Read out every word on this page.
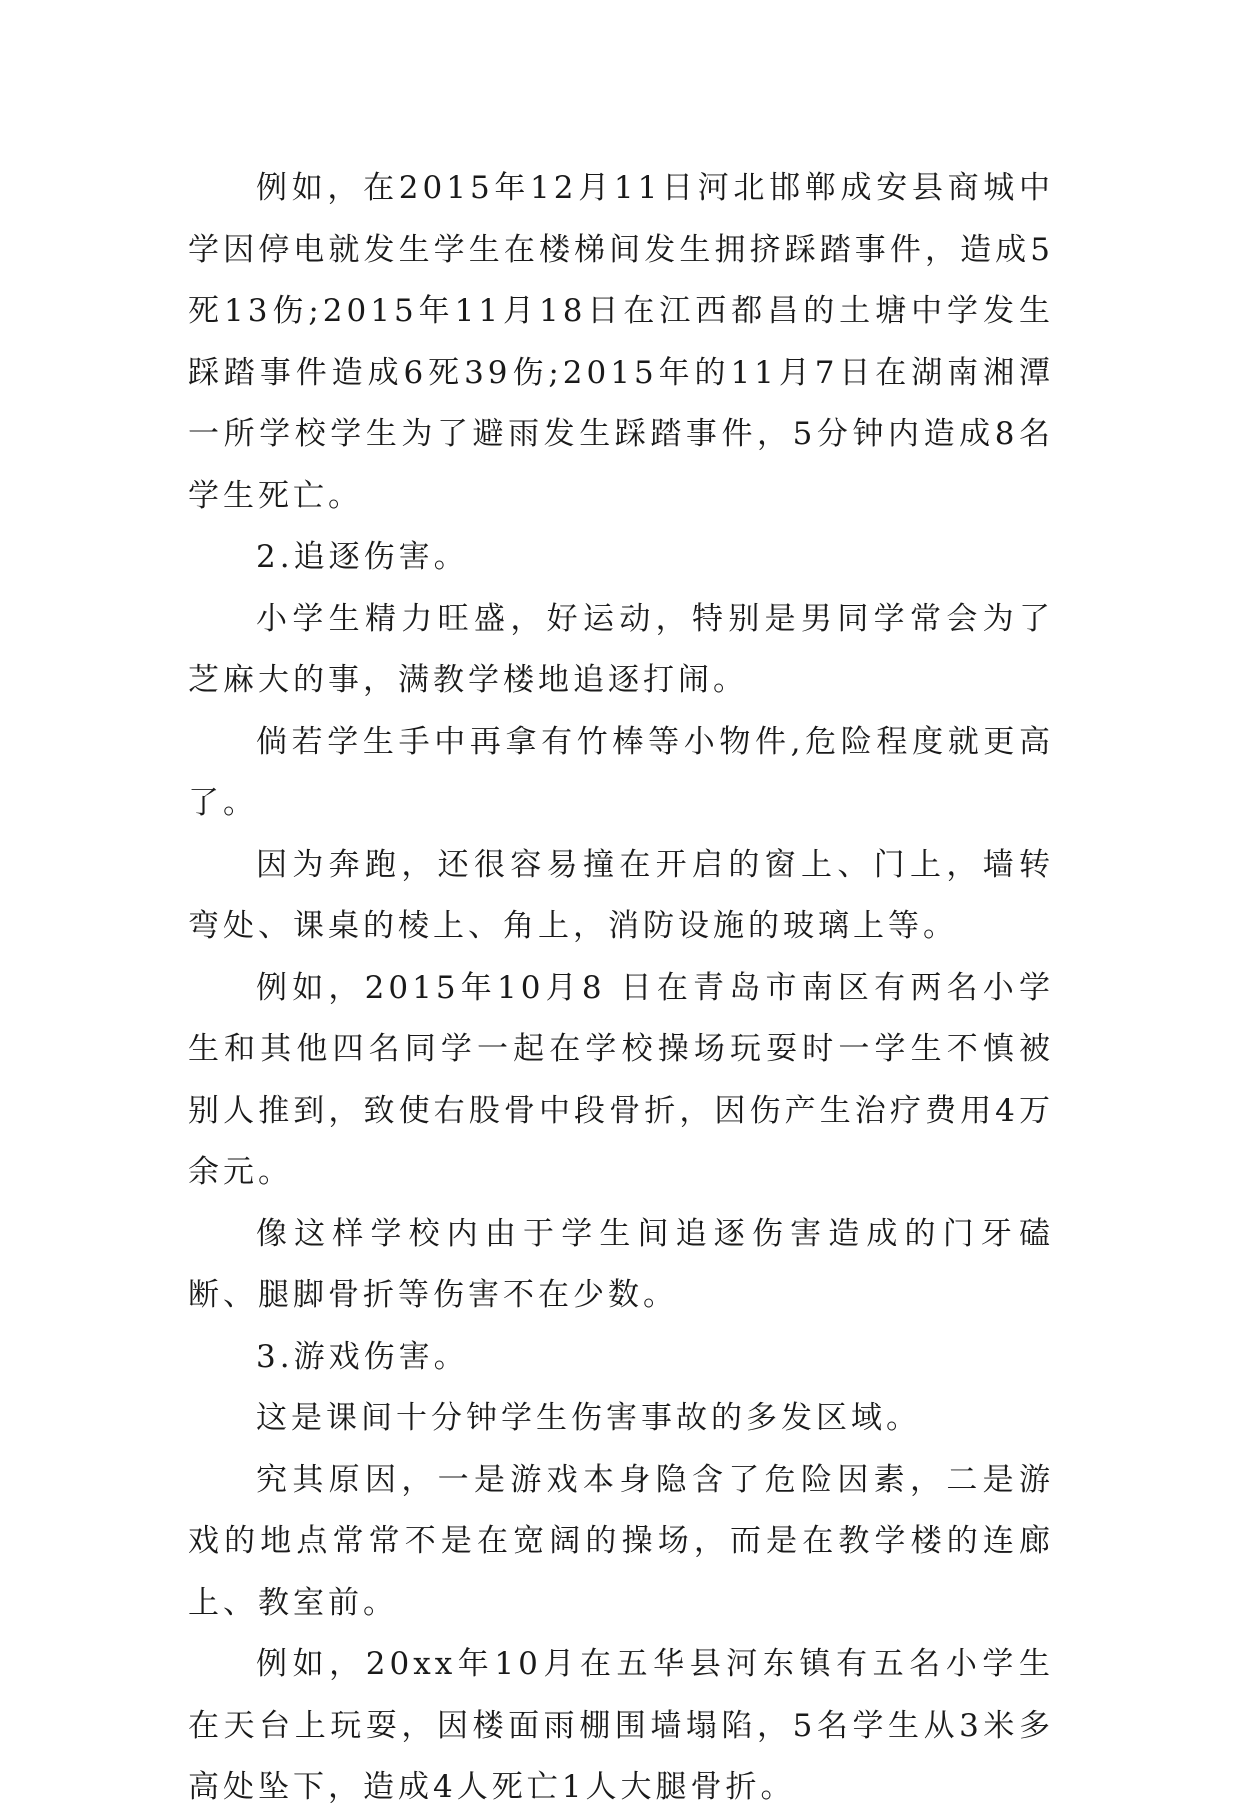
例如，在2015年12月11日河北邯郸成安县商城中学因停电就发生学生在楼梯间发生拥挤踩踏事件，造成5死13伤;2015年11月18日在江西都昌的土塘中学发生踩踏事件造成6死39伤;2015年的11月7日在湖南湘潭一所学校学生为了避雨发生踩踏事件，5分钟内造成8名学生死亡。

2.追逐伤害。

小学生精力旺盛，好运动，特别是男同学常会为了芝麻大的事，满教学楼地追逐打闹。

倘若学生手中再拿有竹棒等小物件,危险程度就更高了。

因为奔跑，还很容易撞在开启的窗上、门上，墙转弯处、课桌的棱上、角上，消防设施的玻璃上等。

例如，2015年10月8 日在青岛市南区有两名小学生和其他四名同学一起在学校操场玩耍时一学生不慎被别人推到，致使右股骨中段骨折，因伤产生治疗费用4万余元。

像这样学校内由于学生间追逐伤害造成的门牙磕断、腿脚骨折等伤害不在少数。

3.游戏伤害。

这是课间十分钟学生伤害事故的多发区域。

究其原因，一是游戏本身隐含了危险因素，二是游戏的地点常常不是在宽阔的操场，而是在教学楼的连廊上、教室前。

例如，20xx年10月在五华县河东镇有五名小学生在天台上玩耍，因楼面雨棚围墙塌陷，5名学生从3米多高处坠下，造成4人死亡1人大腿骨折。
